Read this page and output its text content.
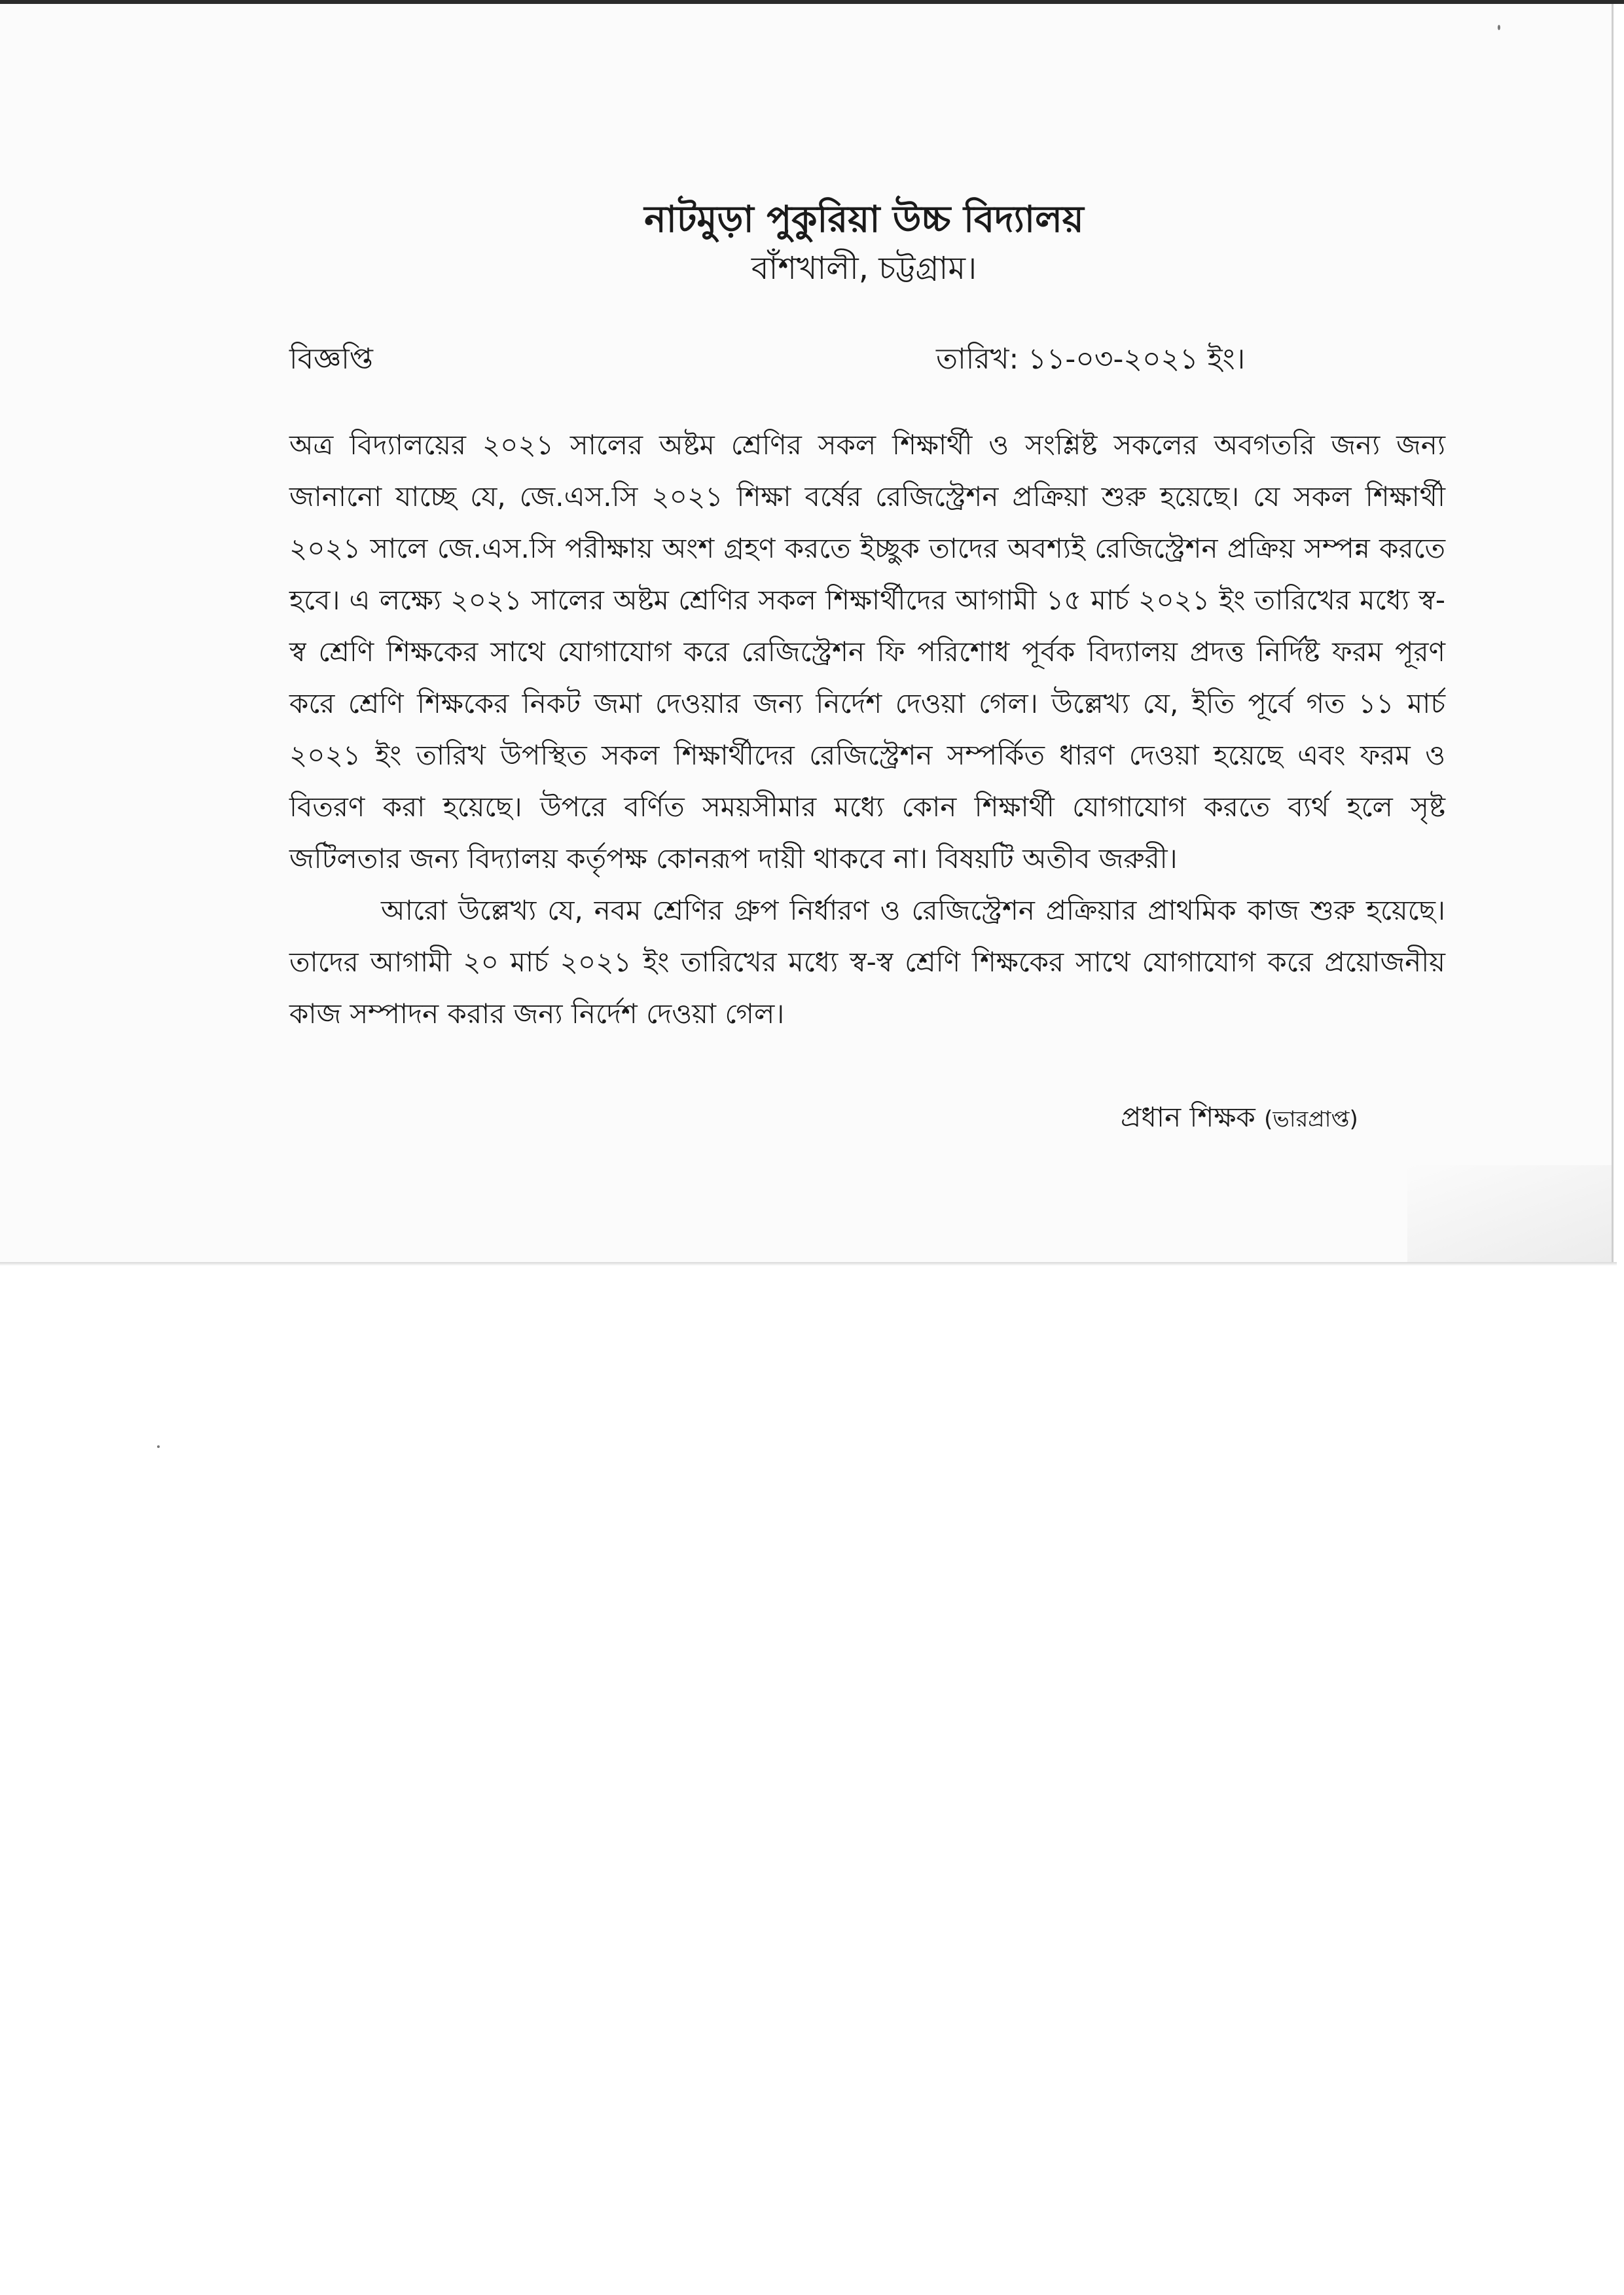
নাটমুড়া পুকুরিয়া উচ্চ বিদ্যালয়
বাঁশখালী, চট্টগ্রাম।
বিজ্ঞপ্তি	তারিখ: ১১-০৩-২০২১ ইং।

অত্র বিদ্যালয়ের ২০২১ সালের অষ্টম শ্রেণির সকল শিক্ষার্থী ও সংশ্লিষ্ট সকলের অবগতরি জন্য জন্য জানানো যাচ্ছে যে, জে.এস.সি ২০২১ শিক্ষা বর্ষের রেজিস্ট্রেশন প্রক্রিয়া শুরু হয়েছে। যে সকল শিক্ষার্থী ২০২১ সালে জে.এস.সি পরীক্ষায় অংশ গ্রহণ করতে ইচ্ছুক তাদের অবশ্যই রেজিস্ট্রেশন প্রক্রিয় সম্পন্ন করতে হবে। এ লক্ষ্যে ২০২১ সালের অষ্টম শ্রেণির সকল শিক্ষার্থীদের আগামী ১৫ মার্চ ২০২১ ইং তারিখের মধ্যে স্ব-স্ব শ্রেণি শিক্ষকের সাথে যোগাযোগ করে রেজিস্ট্রেশন ফি পরিশোধ পূর্বক বিদ্যালয় প্রদত্ত নির্দিষ্ট ফরম পূরণ করে শ্রেণি শিক্ষকের নিকট জমা দেওয়ার জন্য নির্দেশ দেওয়া গেল। উল্লেখ্য যে, ইতি পূর্বে গত ১১ মার্চ ২০২১ ইং তারিখ উপস্থিত সকল শিক্ষার্থীদের রেজিস্ট্রেশন সম্পর্কিত ধারণ দেওয়া হয়েছে এবং ফরম ও বিতরণ করা হয়েছে। উপরে বর্ণিত সময়সীমার মধ্যে কোন শিক্ষার্থী যোগাযোগ করতে ব্যর্থ হলে সৃষ্ট জটিলতার জন্য বিদ্যালয় কর্তৃপক্ষ কোনরূপ দায়ী থাকবে না। বিষয়টি অতীব জরুরী।

আরো উল্লেখ্য যে, নবম শ্রেণির গ্রুপ নির্ধারণ ও রেজিস্ট্রেশন প্রক্রিয়ার প্রাথমিক কাজ শুরু হয়েছে। তাদের আগামী ২০ মার্চ ২০২১ ইং তারিখের মধ্যে স্ব-স্ব শ্রেণি শিক্ষকের সাথে যোগাযোগ করে প্রয়োজনীয় কাজ সম্পাদন করার জন্য নির্দেশ দেওয়া গেল।

প্রধান শিক্ষক (ভারপ্রাপ্ত)
